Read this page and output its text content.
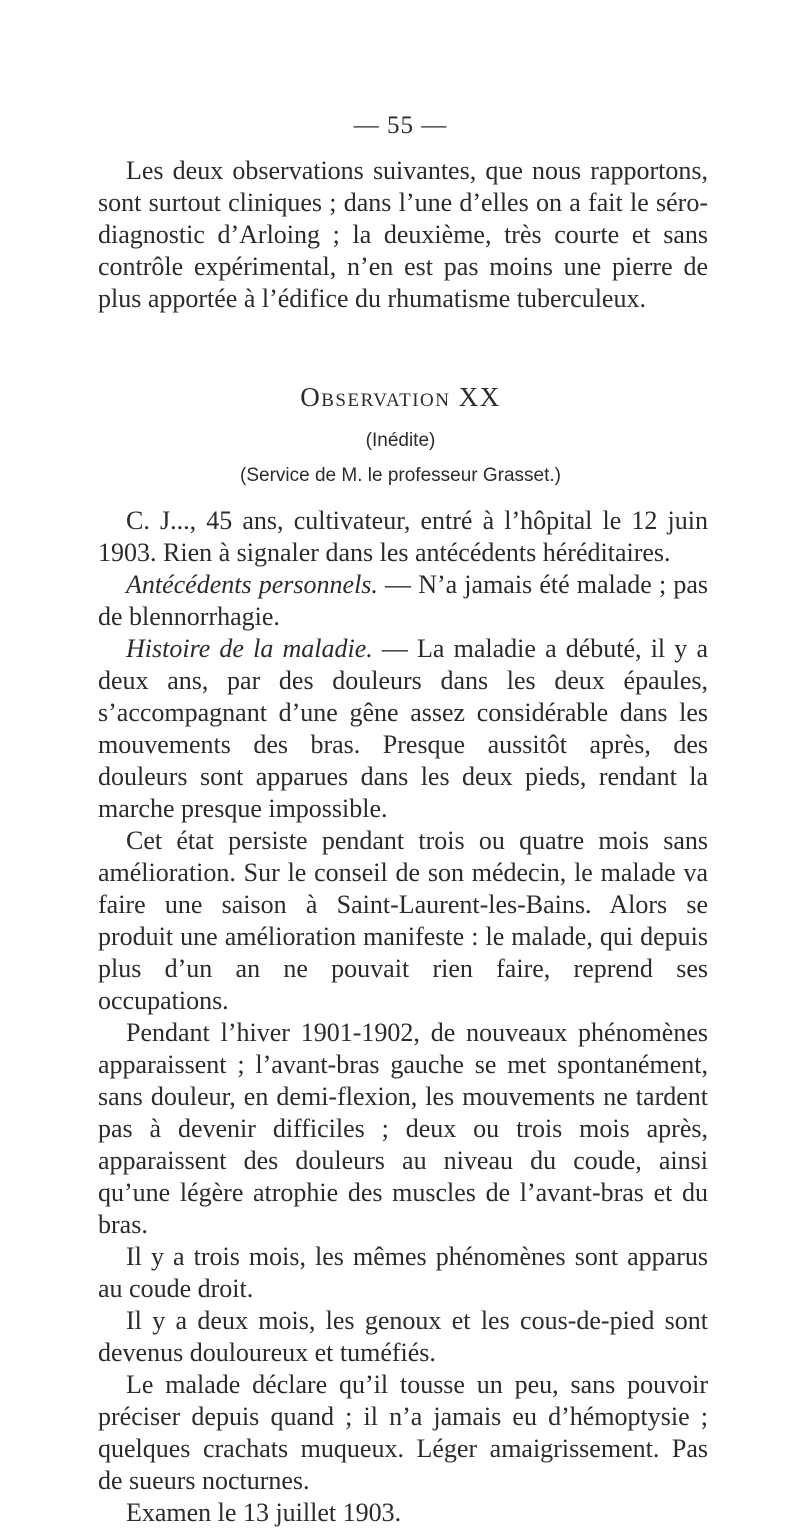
— 55 —

Les deux observations suivantes, que nous rapportons, sont surtout cliniques ; dans l’une d’elles on a fait le séro-diagnostic d’Arloing ; la deuxième, très courte et sans contrôle expérimental, n’en est pas moins une pierre de plus apportée à l’édifice du rhumatisme tuberculeux.

Observation XX
(Inédite)
(Service de M. le professeur Grasset.)

C. J..., 45 ans, cultivateur, entré à l’hôpital le 12 juin 1903. Rien à signaler dans les antécédents héréditaires.

Antécédents personnels. — N’a jamais été malade ; pas de blennorrhagie.

Histoire de la maladie. — La maladie a débuté, il y a deux ans, par des douleurs dans les deux épaules, s’accompagnant d’une gêne assez considérable dans les mouvements des bras. Presque aussitôt après, des douleurs sont apparues dans les deux pieds, rendant la marche presque impossible.

Cet état persiste pendant trois ou quatre mois sans amélioration. Sur le conseil de son médecin, le malade va faire une saison à Saint-Laurent-les-Bains. Alors se produit une amélioration manifeste : le malade, qui depuis plus d’un an ne pouvait rien faire, reprend ses occupations.

Pendant l’hiver 1901-1902, de nouveaux phénomènes apparaissent ; l’avant-bras gauche se met spontanément, sans douleur, en demi-flexion, les mouvements ne tardent pas à devenir difficiles ; deux ou trois mois après, apparaissent des douleurs au niveau du coude, ainsi qu’une légère atrophie des muscles de l’avant-bras et du bras.

Il y a trois mois, les mêmes phénomènes sont apparus au coude droit.

Il y a deux mois, les genoux et les cous-de-pied sont devenus douloureux et tuméfiés.

Le malade déclare qu’il tousse un peu, sans pouvoir préciser depuis quand ; il n’a jamais eu d’hémoptysie ; quelques crachats muqueux. Léger amaigrissement. Pas de sueurs nocturnes.

Examen le 13 juillet 1903.
